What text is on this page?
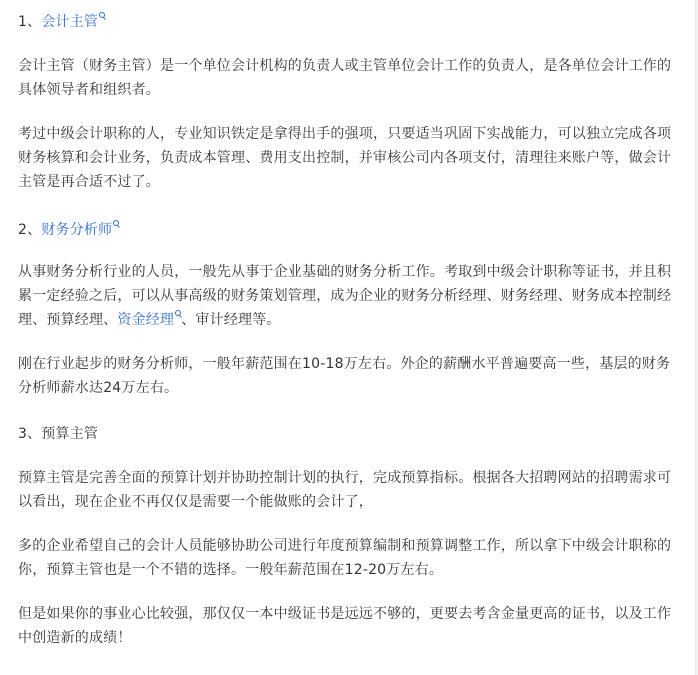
1、会计主管

会计主管（财务主管）是一个单位会计机构的负责人或主管单位会计工作的负责人，是各单位会计工作的具体领导者和组织者。

考过中级会计职称的人，专业知识铁定是拿得出手的强项，只要适当巩固下实战能力，可以独立完成各项财务核算和会计业务，负责成本管理、费用支出控制，并审核公司内各项支付，清理往来账户等，做会计主管是再合适不过了。

2、财务分析师

从事财务分析行业的人员，一般先从事于企业基础的财务分析工作。考取到中级会计职称等证书，并且积累一定经验之后，可以从事高级的财务策划管理，成为企业的财务分析经理、财务经理、财务成本控制经理、预算经理、资金经理 、审计经理等。

刚在行业起步的财务分析师，一般年薪范围在10-18万左右。外企的薪酬水平普遍要高一些，基层的财务分析师薪水达24万左右。

3、预算主管

预算主管是完善全面的预算计划并协助控制计划的执行，完成预算指标。根据各大招聘网站的招聘需求可以看出，现在企业不再仅仅是需要一个能做账的会计了，

多的企业希望自己的会计人员能够协助公司进行年度预算编制和预算调整工作，所以拿下中级会计职称的你，预算主管也是一个不错的选择。一般年薪范围在12-20万左右。

但是如果你的事业心比较强，那仅仅一本中级证书是远远不够的，更要去考含金量更高的证书，以及工作中创造新的成绩！
